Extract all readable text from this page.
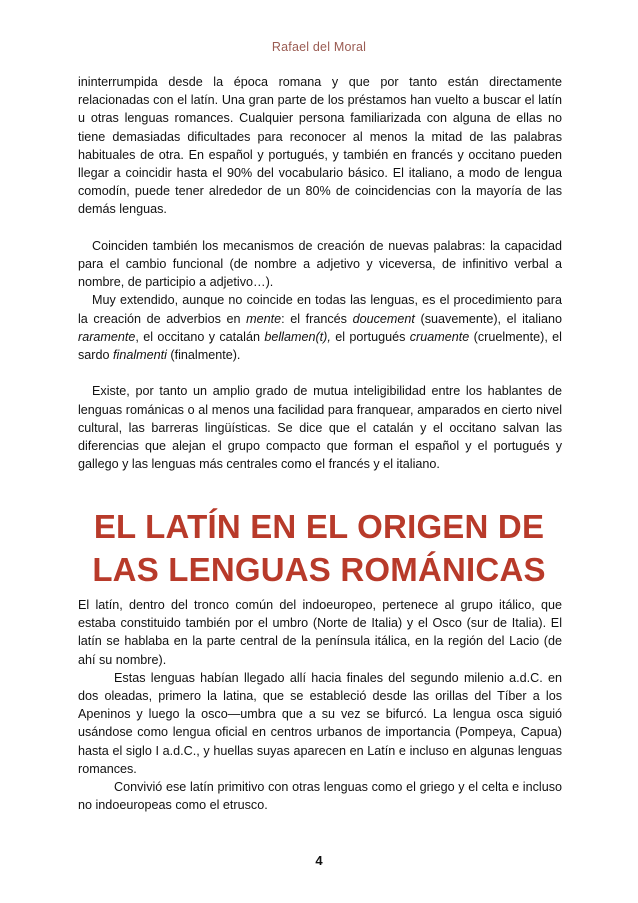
Rafael del Moral

ininterrumpida desde la época romana y que por tanto están directamente relacionadas con el latín. Una gran parte de los préstamos han vuelto a buscar el latín u otras lenguas romances. Cualquier persona familiarizada con alguna de ellas no tiene demasiadas dificultades para reconocer al menos la mitad de las palabras habituales de otra. En español y portugués, y también en francés y occitano pueden llegar a coincidir hasta el 90% del vocabulario básico. El italiano, a modo de lengua comodín, puede tener alrededor de un 80% de coincidencias con la mayoría de las demás lenguas.

Coinciden también los mecanismos de creación de nuevas palabras: la capacidad para el cambio funcional (de nombre a adjetivo y viceversa, de infinitivo verbal a nombre, de participio a adjetivo…).

Muy extendido, aunque no coincide en todas las lenguas, es el procedimiento para la creación de adverbios en mente: el francés doucement (suavemente), el italiano raramente, el occitano y catalán bellamen(t), el portugués cruamente (cruelmente), el sardo finalmenti (finalmente).

Existe, por tanto un amplio grado de mutua inteligibilidad entre los hablantes de lenguas románicas o al menos una facilidad para franquear, amparados en cierto nivel cultural, las barreras lingüísticas. Se dice que el catalán y el occitano salvan las diferencias que alejan el grupo compacto que forman el español y el portugués y gallego y las lenguas más centrales como el francés y el italiano.

EL LATÍN EN EL ORIGEN DE
LAS LENGUAS ROMÁNICAS

El latín, dentro del tronco común del indoeuropeo, pertenece al grupo itálico, que estaba constituido también por el umbro (Norte de Italia) y el Osco (sur de Italia). El latín se hablaba en la parte central de la península itálica, en la región del Lacio (de ahí su nombre).

Estas lenguas habían llegado allí hacia finales del segundo milenio a.d.C. en dos oleadas, primero la latina, que se estableció desde las orillas del Tíber a los Apeninos y luego la osco—umbra que a su vez se bifurcó. La lengua osca siguió usándose como lengua oficial en centros urbanos de importancia (Pompeya, Capua) hasta el siglo I a.d.C., y huellas suyas aparecen en Latín e incluso en algunas lenguas romances.

Convivió ese latín primitivo con otras lenguas como el griego y el celta e incluso no indoeuropeas como el etrusco.

4
